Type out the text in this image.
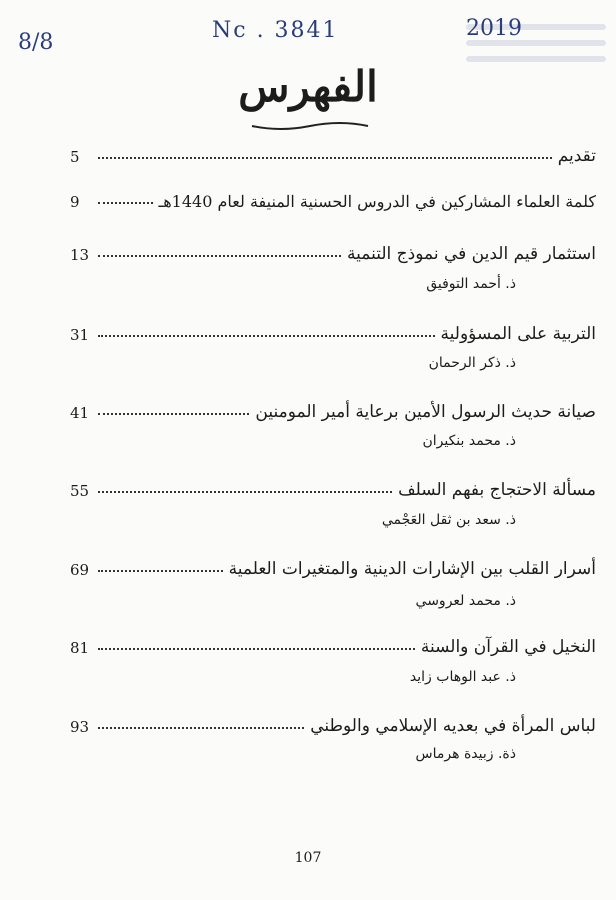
Nc . 3841	2019
8/8
الفهرس
تقديم
5
كلمة العلماء المشاركين في الدروس الحسنية المنيفة لعام 1440هـ
9
استثمار قيم الدين في نموذج التنمية
13
ذ. أحمد التوفيق
التربية على المسؤولية
31
ذ. ذكر الرحمان
صيانة حديث الرسول الأمين برعاية أمير المومنين
41
ذ. محمد بنكيران
مسألة الاحتجاج بفهم السلف
55
ذ. سعد بن ثقل العَجْمي
أسرار القلب بين الإشارات الدينية والمتغيرات العلمية
69
ذ. محمد لعروسي
النخيل في القرآن والسنة
81
ذ. عبد الوهاب زايد
لباس المرأة في بعديه الإسلامي والوطني
93
ذة. زبيدة هرماس
107
